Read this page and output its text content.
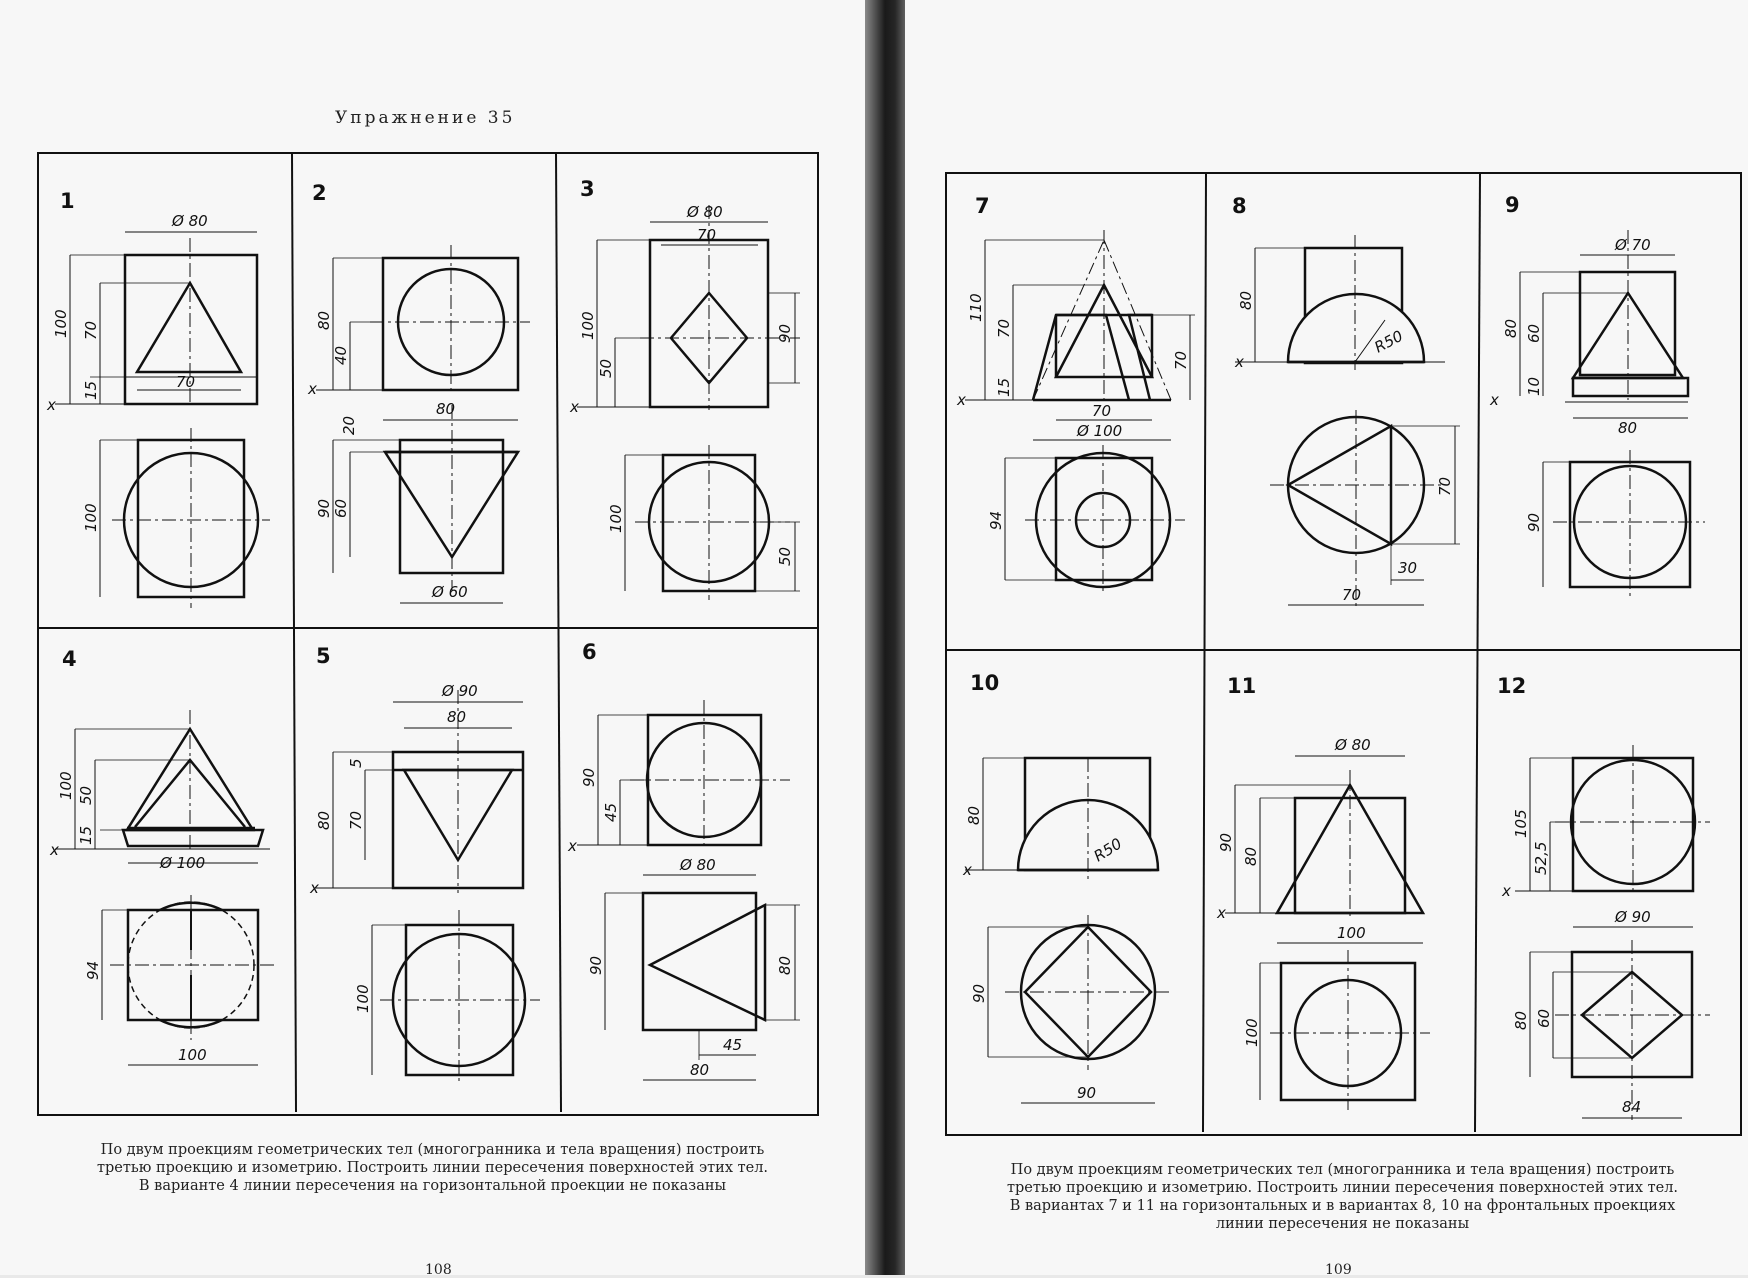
Упражнение 35
1	2	3
4	5	6
Ø 80
100 70
15	70
100
x
80
40
20
80
90 60
Ø 60
x
Ø 80
70
100
50
90
100
50
x
100 50
15
Ø 100
94
100
x
Ø 90
80
5
80 70
100
x
90
45
Ø 80
90	80
45
80
x
По двум проекциям геометрических тел (многогранника и тела вращения) построить
третью проекцию и изометрию. Построить линии пересечения поверхностей этих тел.
В варианте 4 линии пересечения на горизонтальной проекции не показаны
108
7	8	9
10	11	12
110
70
15
70
70
Ø 100
94
x
80
R50
70
30
70
x
Ø 70
80 60
10
80
90
x
80
R50
90
90
x
Ø 80
90
80
100
100
x
105
52,5
Ø 90
80 60
84
x
По двум проекциям геометрических тел (многогранника и тела вращения) построить
третью проекцию и изометрию. Построить линии пересечения поверхностей этих тел.
В вариантах 7 и 11 на горизонтальных и в вариантах 8, 10 на фронтальных проекциях
линии пересечения не показаны
109
